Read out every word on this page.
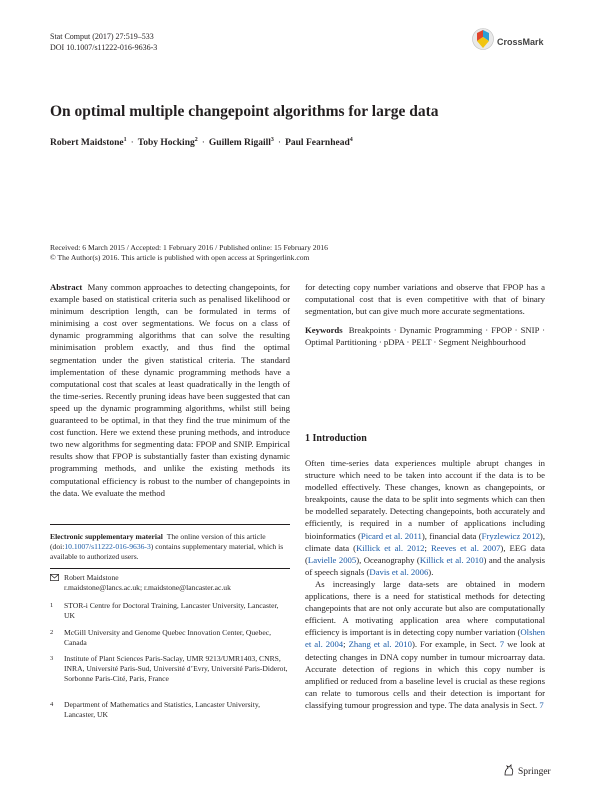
Stat Comput (2017) 27:519–533
DOI 10.1007/s11222-016-9636-3
CrossMark
On optimal multiple changepoint algorithms for large data
Robert Maidstone$^1$ · Toby Hocking$^2$ · Guillem Rigaill$^3$ · Paul Fearnhead$^4$
Received: 6 March 2015 / Accepted: 1 February 2016 / Published online: 15 February 2016
© The Author(s) 2016. This article is published with open access at Springerlink.com
Abstract Many common approaches to detecting changepoints, for example based on statistical criteria such as penalised likelihood or minimum description length, can be formulated in terms of minimising a cost over segmentations. We focus on a class of dynamic programming algorithms that can solve the resulting minimisation problem exactly, and thus find the optimal segmentation under the given statistical criteria. The standard implementation of these dynamic programming methods have a computational cost that scales at least quadratically in the length of the time-series. Recently pruning ideas have been suggested that can speed up the dynamic programming algorithms, whilst still being guaranteed to be optimal, in that they find the true minimum of the cost function. Here we extend these pruning methods, and introduce two new algorithms for segmenting data: FPOP and SNIP. Empirical results show that FPOP is substantially faster than existing dynamic programming methods, and unlike the existing methods its computational efficiency is robust to the number of changepoints in the data. We evaluate the method
Electronic supplementary material The online version of this article (doi:10.1007/s11222-016-9636-3) contains supplementary material, which is available to authorized users.
Robert Maidstone
r.maidstone@lancs.ac.uk; r.maidstone@lancaster.ac.uk
1 STOR-i Centre for Doctoral Training, Lancaster University, Lancaster, UK
2 McGill University and Genome Quebec Innovation Center, Quebec, Canada
3 Institute of Plant Sciences Paris-Saclay, UMR 9213/UMR1403, CNRS, INRA, Université Paris-Sud, Université d’Evry, Université Paris-Diderot, Sorbonne Paris-Cité, Paris, France
4 Department of Mathematics and Statistics, Lancaster University, Lancaster, UK
for detecting copy number variations and observe that FPOP has a computational cost that is even competitive with that of binary segmentation, but can give much more accurate segmentations.
Keywords Breakpoints · Dynamic Programming · FPOP · SNIP · Optimal Partitioning · pDPA · PELT · Segment Neighbourhood
1 Introduction

Often time-series data experiences multiple abrupt changes in structure which need to be taken into account if the data is to be modelled effectively. These changes, known as changepoints, or breakpoints, cause the data to be split into segments which can then be modelled separately. Detecting changepoints, both accurately and efficiently, is required in a number of applications including bioinformatics (Picard et al. 2011), financial data (Fryzlewicz 2012), climate data (Killick et al. 2012; Reeves et al. 2007), EEG data (Lavielle 2005), Oceanography (Killick et al. 2010) and the analysis of speech signals (Davis et al. 2006).

As increasingly large data-sets are obtained in modern applications, there is a need for statistical methods for detecting changepoints that are not only accurate but also are computationally efficient. A motivating application area where computational efficiency is important is in detecting copy number variation (Olshen et al. 2004; Zhang et al. 2010). For example, in Sect. 7 we look at detecting changes in DNA copy number in tumour microarray data. Accurate detection of regions in which this copy number is amplified or reduced from a baseline level is crucial as these regions can relate to tumorous cells and their detection is important for classifying tumour progression and type. The data analysis in Sect. 7

Springer
